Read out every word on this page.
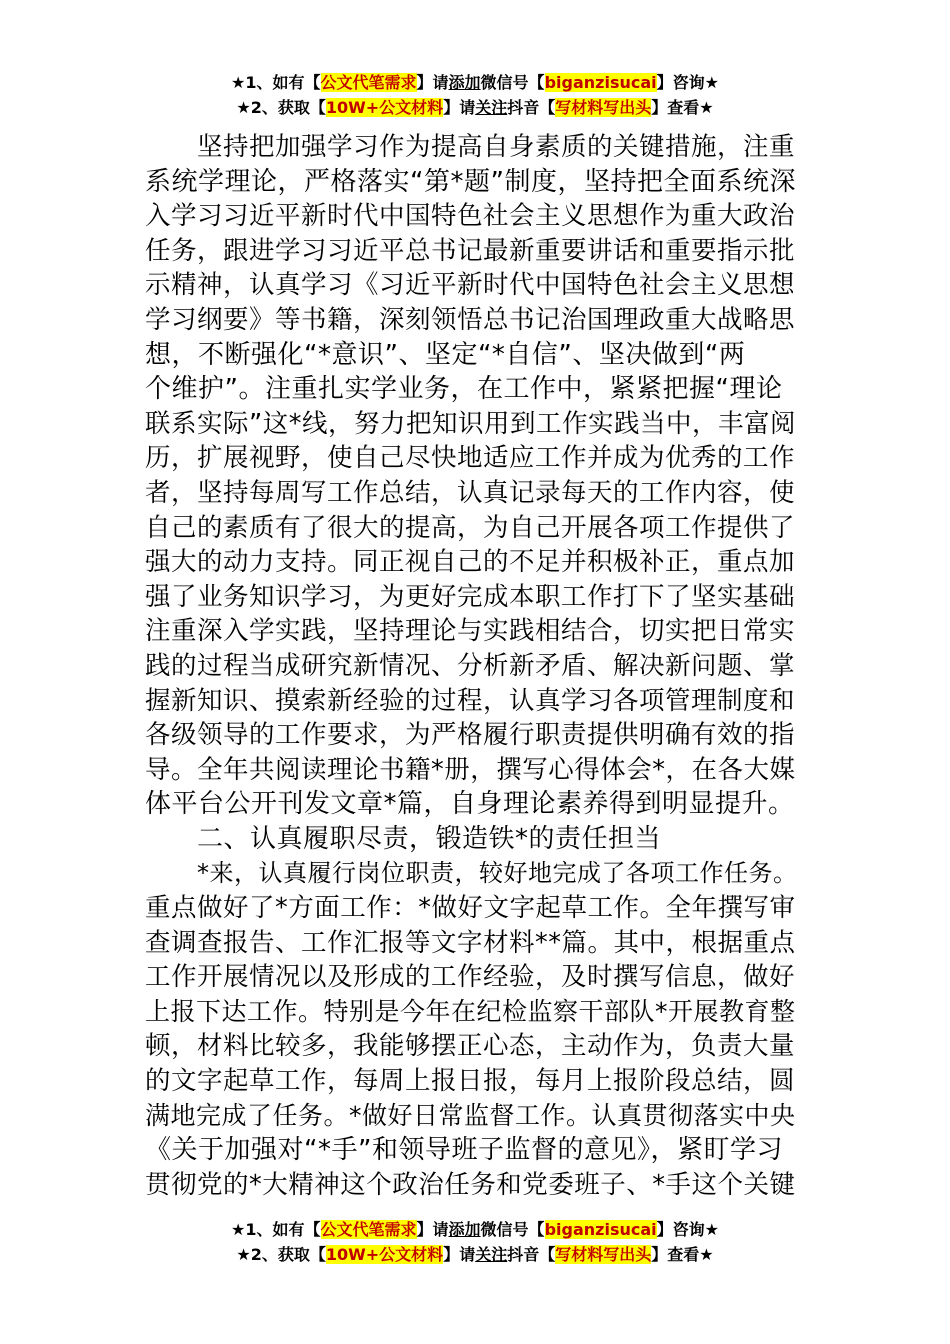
★1、如有【公文代笔需求】请添加微信号【biganzisucai】咨询★
★2、获取【10W+公文材料】请关注抖音【写材料写出头】查看★
坚持把加强学习作为提高自身素质的关键措施，注重
系统学理论，严格落实“第*题”制度，坚持把全面系统深
入学习习近平新时代中国特色社会主义思想作为重大政治
任务，跟进学习习近平总书记最新重要讲话和重要指示批
示精神，认真学习《习近平新时代中国特色社会主义思想
学习纲要》等书籍，深刻领悟总书记治国理政重大战略思
想，不断强化“*意识”、坚定“*自信”、坚决做到“两
个维护”。注重扎实学业务，在工作中，紧紧把握“理论
联系实际”这*线，努力把知识用到工作实践当中，丰富阅
历，扩展视野，使自己尽快地适应工作并成为优秀的工作
者，坚持每周写工作总结，认真记录每天的工作内容，使
自己的素质有了很大的提高，为自己开展各项工作提供了
强大的动力支持。同正视自己的不足并积极补正，重点加
强了业务知识学习，为更好完成本职工作打下了坚实基础
注重深入学实践，坚持理论与实践相结合，切实把日常实
践的过程当成研究新情况、分析新矛盾、解决新问题、掌
握新知识、摸索新经验的过程，认真学习各项管理制度和
各级领导的工作要求，为严格履行职责提供明确有效的指
导。全年共阅读理论书籍*册，撰写心得体会*，在各大媒
体平台公开刊发文章*篇，自身理论素养得到明显提升。
二、认真履职尽责，锻造铁*的责任担当
*来，认真履行岗位职责，较好地完成了各项工作任务。
重点做好了*方面工作：*做好文字起草工作。全年撰写审
查调查报告、工作汇报等文字材料**篇。其中，根据重点
工作开展情况以及形成的工作经验，及时撰写信息，做好
上报下达工作。特别是今年在纪检监察干部队*开展教育整
顿，材料比较多，我能够摆正心态，主动作为，负责大量
的文字起草工作，每周上报日报，每月上报阶段总结，圆
满地完成了任务。*做好日常监督工作。认真贯彻落实中央
《关于加强对“*手”和领导班子监督的意见》，紧盯学习
贯彻党的*大精神这个政治任务和党委班子、*手这个关键
★1、如有【公文代笔需求】请添加微信号【biganzisucai】咨询★
★2、获取【10W+公文材料】请关注抖音【写材料写出头】查看★
